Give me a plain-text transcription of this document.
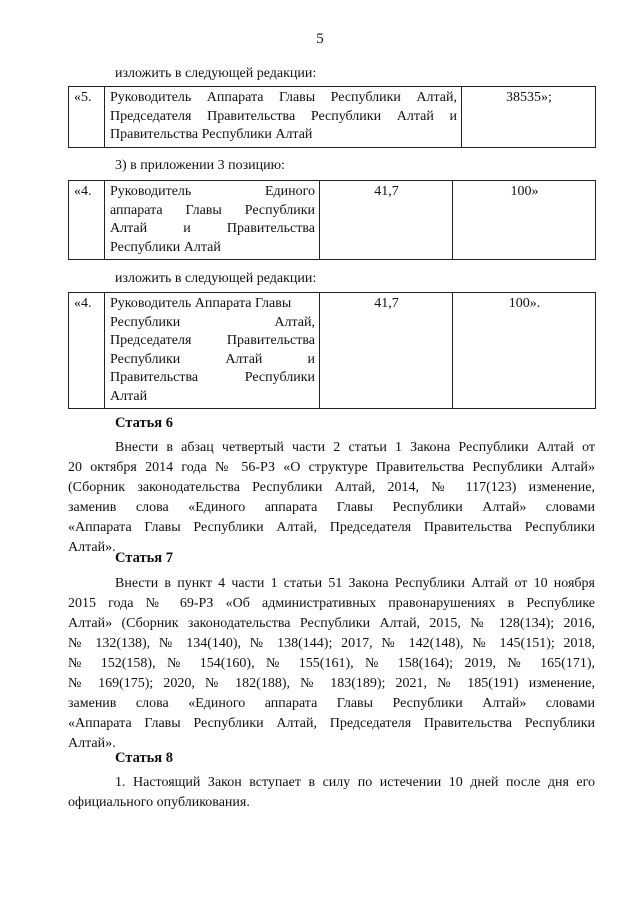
5
изложить в следующей редакции:
«5.	Руководитель Аппарата Главы Республики Алтай,
Председателя Правительства Республики Алтай и
Правительства Республики Алтай
	38535»;
3) в приложении 3 позицию:
«4.	Руководитель Единого
аппарата Главы Республики
Алтай и Правительства
Республики Алтай
	41,7	100»
изложить в следующей редакции:
«4.	Руководитель Аппарата Главы
Республики Алтай,
Председателя Правительства
Республики Алтай и
Правительства Республики
Алтай
	41,7	100».
Статья 6
Внести в абзац четвертый части 2 статьи 1 Закона Республики Алтай от
20 октября 2014 года № 56-РЗ «О структуре Правительства Республики Алтай»
(Сборник законодательства Республики Алтай, 2014, № 117(123) изменение,
заменив слова «Единого аппарата Главы Республики Алтай» словами
«Аппарата Главы Республики Алтай, Председателя Правительства Республики
Алтай».
Статья 7
Внести в пункт 4 части 1 статьи 51 Закона Республики Алтай от 10 ноября
2015 года № 69-РЗ «Об административных правонарушениях в Республике
Алтай» (Сборник законодательства Республики Алтай, 2015, № 128(134); 2016,
№ 132(138), № 134(140), № 138(144); 2017, № 142(148), № 145(151); 2018,
№ 152(158), № 154(160), № 155(161), № 158(164); 2019, № 165(171),
№ 169(175); 2020, № 182(188), № 183(189); 2021, № 185(191) изменение,
заменив слова «Единого аппарата Главы Республики Алтай» словами
«Аппарата Главы Республики Алтай, Председателя Правительства Республики
Алтай».
Статья 8
1. Настоящий Закон вступает в силу по истечении 10 дней после дня его
официального опубликования.
